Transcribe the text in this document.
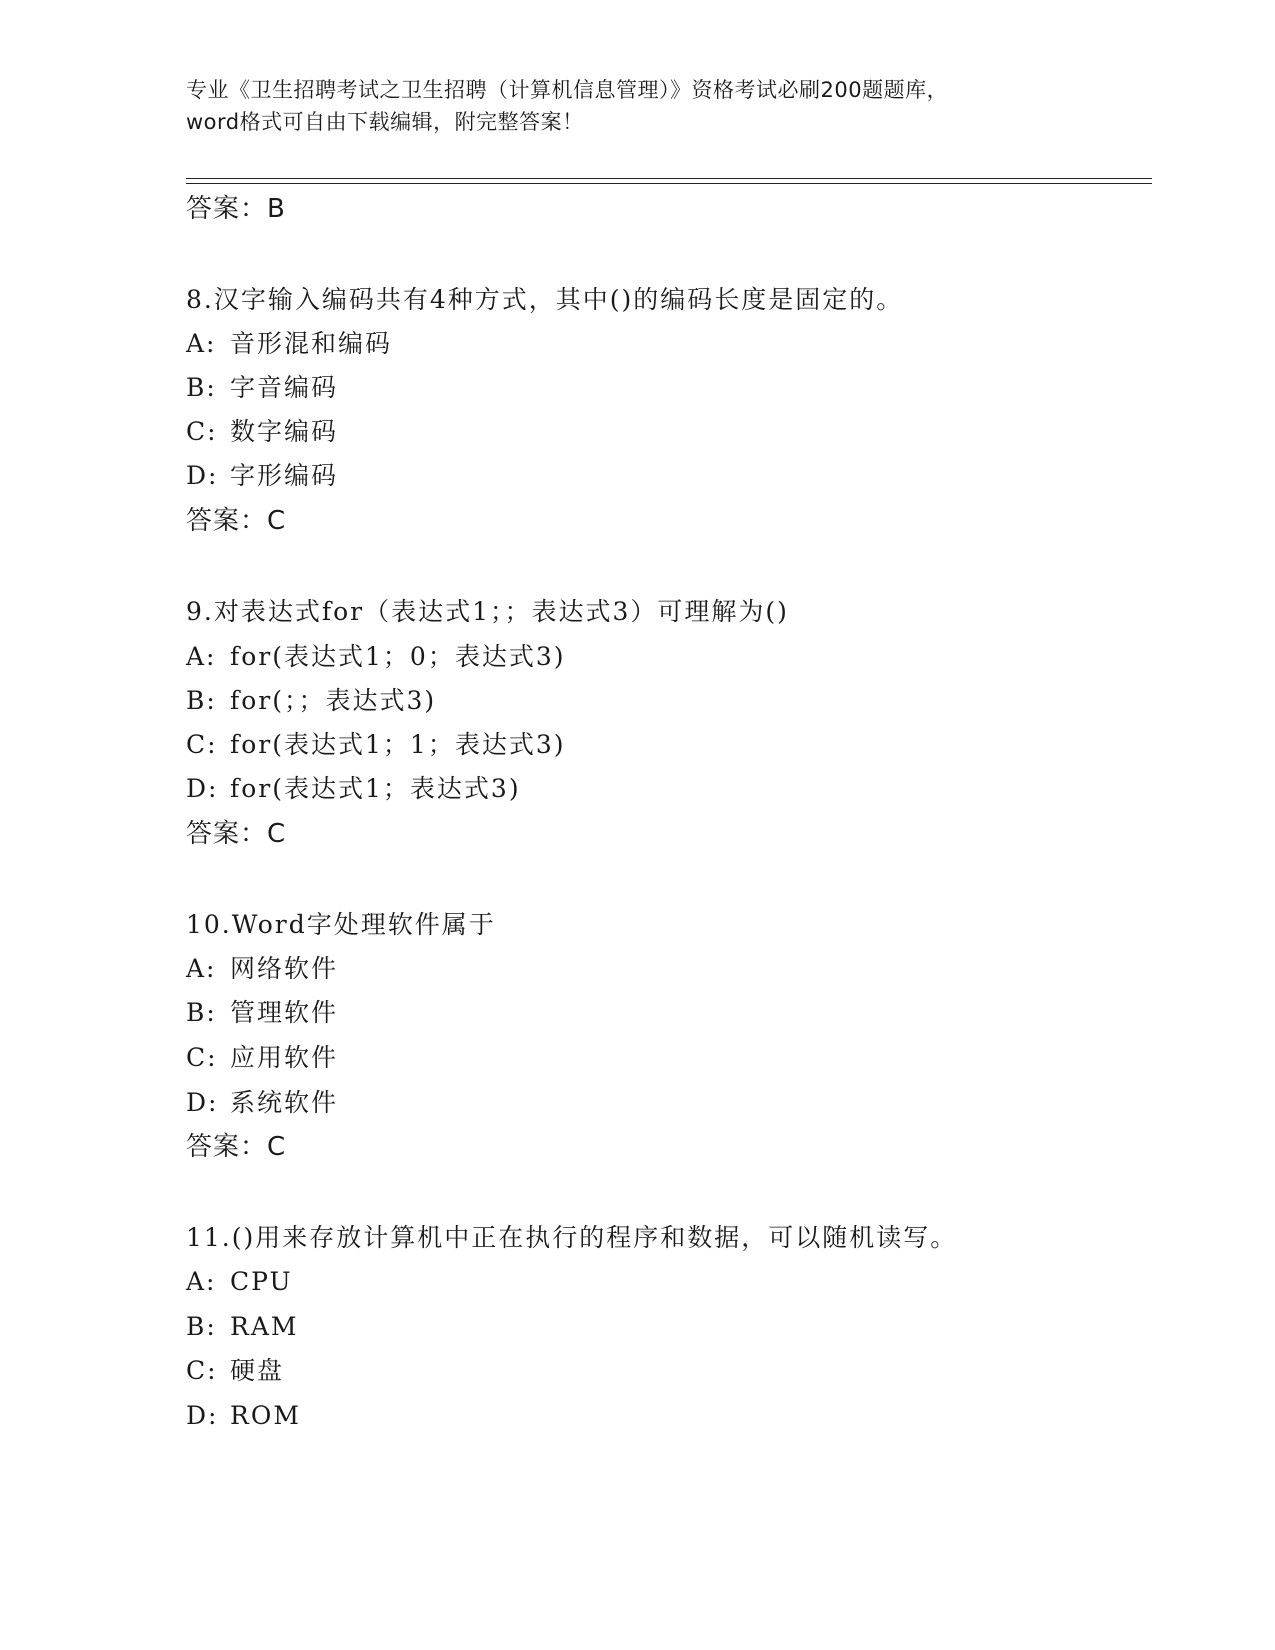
专业《卫生招聘考试之卫生招聘（计算机信息管理）》资格考试必刷200题题库，
word格式可自由下载编辑，附完整答案！
答案：B
8.汉字输入编码共有4种方式，其中()的编码长度是固定的。
A: 音形混和编码
B: 字音编码
C: 数字编码
D: 字形编码
答案：C
9.对表达式for（表达式1；；表达式3）可理解为()
A: for(表达式1；0；表达式3)
B: for(；；表达式3)
C: for(表达式1；1；表达式3)
D: for(表达式1；表达式3)
答案：C
10.Word字处理软件属于
A: 网络软件
B: 管理软件
C: 应用软件
D: 系统软件
答案：C
11.()用来存放计算机中正在执行的程序和数据，可以随机读写。
A: CPU
B: RAM
C: 硬盘
D: ROM
